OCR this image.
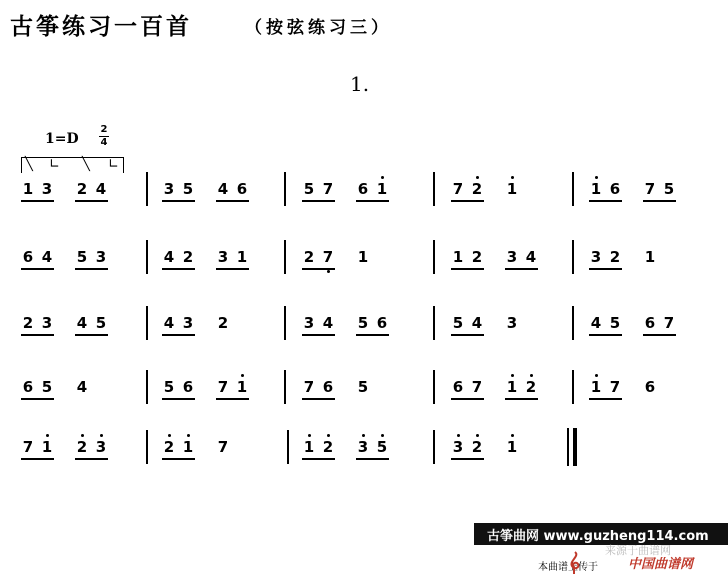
古筝练习一百首	（按弦练习三）
1.
1=D
2
4
╲ ∟ ╲ ∟
1 3 2 4	3 5 4 6	5 7 6 1	7 2 1	1 6 7 5
6 4 5 3	4 2 3 1	2 7 1	1 2 3 4	3 2 1
2 3 4 5	4 3 2	3 4 5 6	5 4 3	4 5 6 7
6 5 4	5 6 7 1	7 6 5	6 7 1 2	1 7 6
7 1 2 3	2 1 7	1 2 3 5	3 2 1
古筝曲网 www.guzheng114.com
来源于曲谱网
本曲谱上传于 中国曲谱网
